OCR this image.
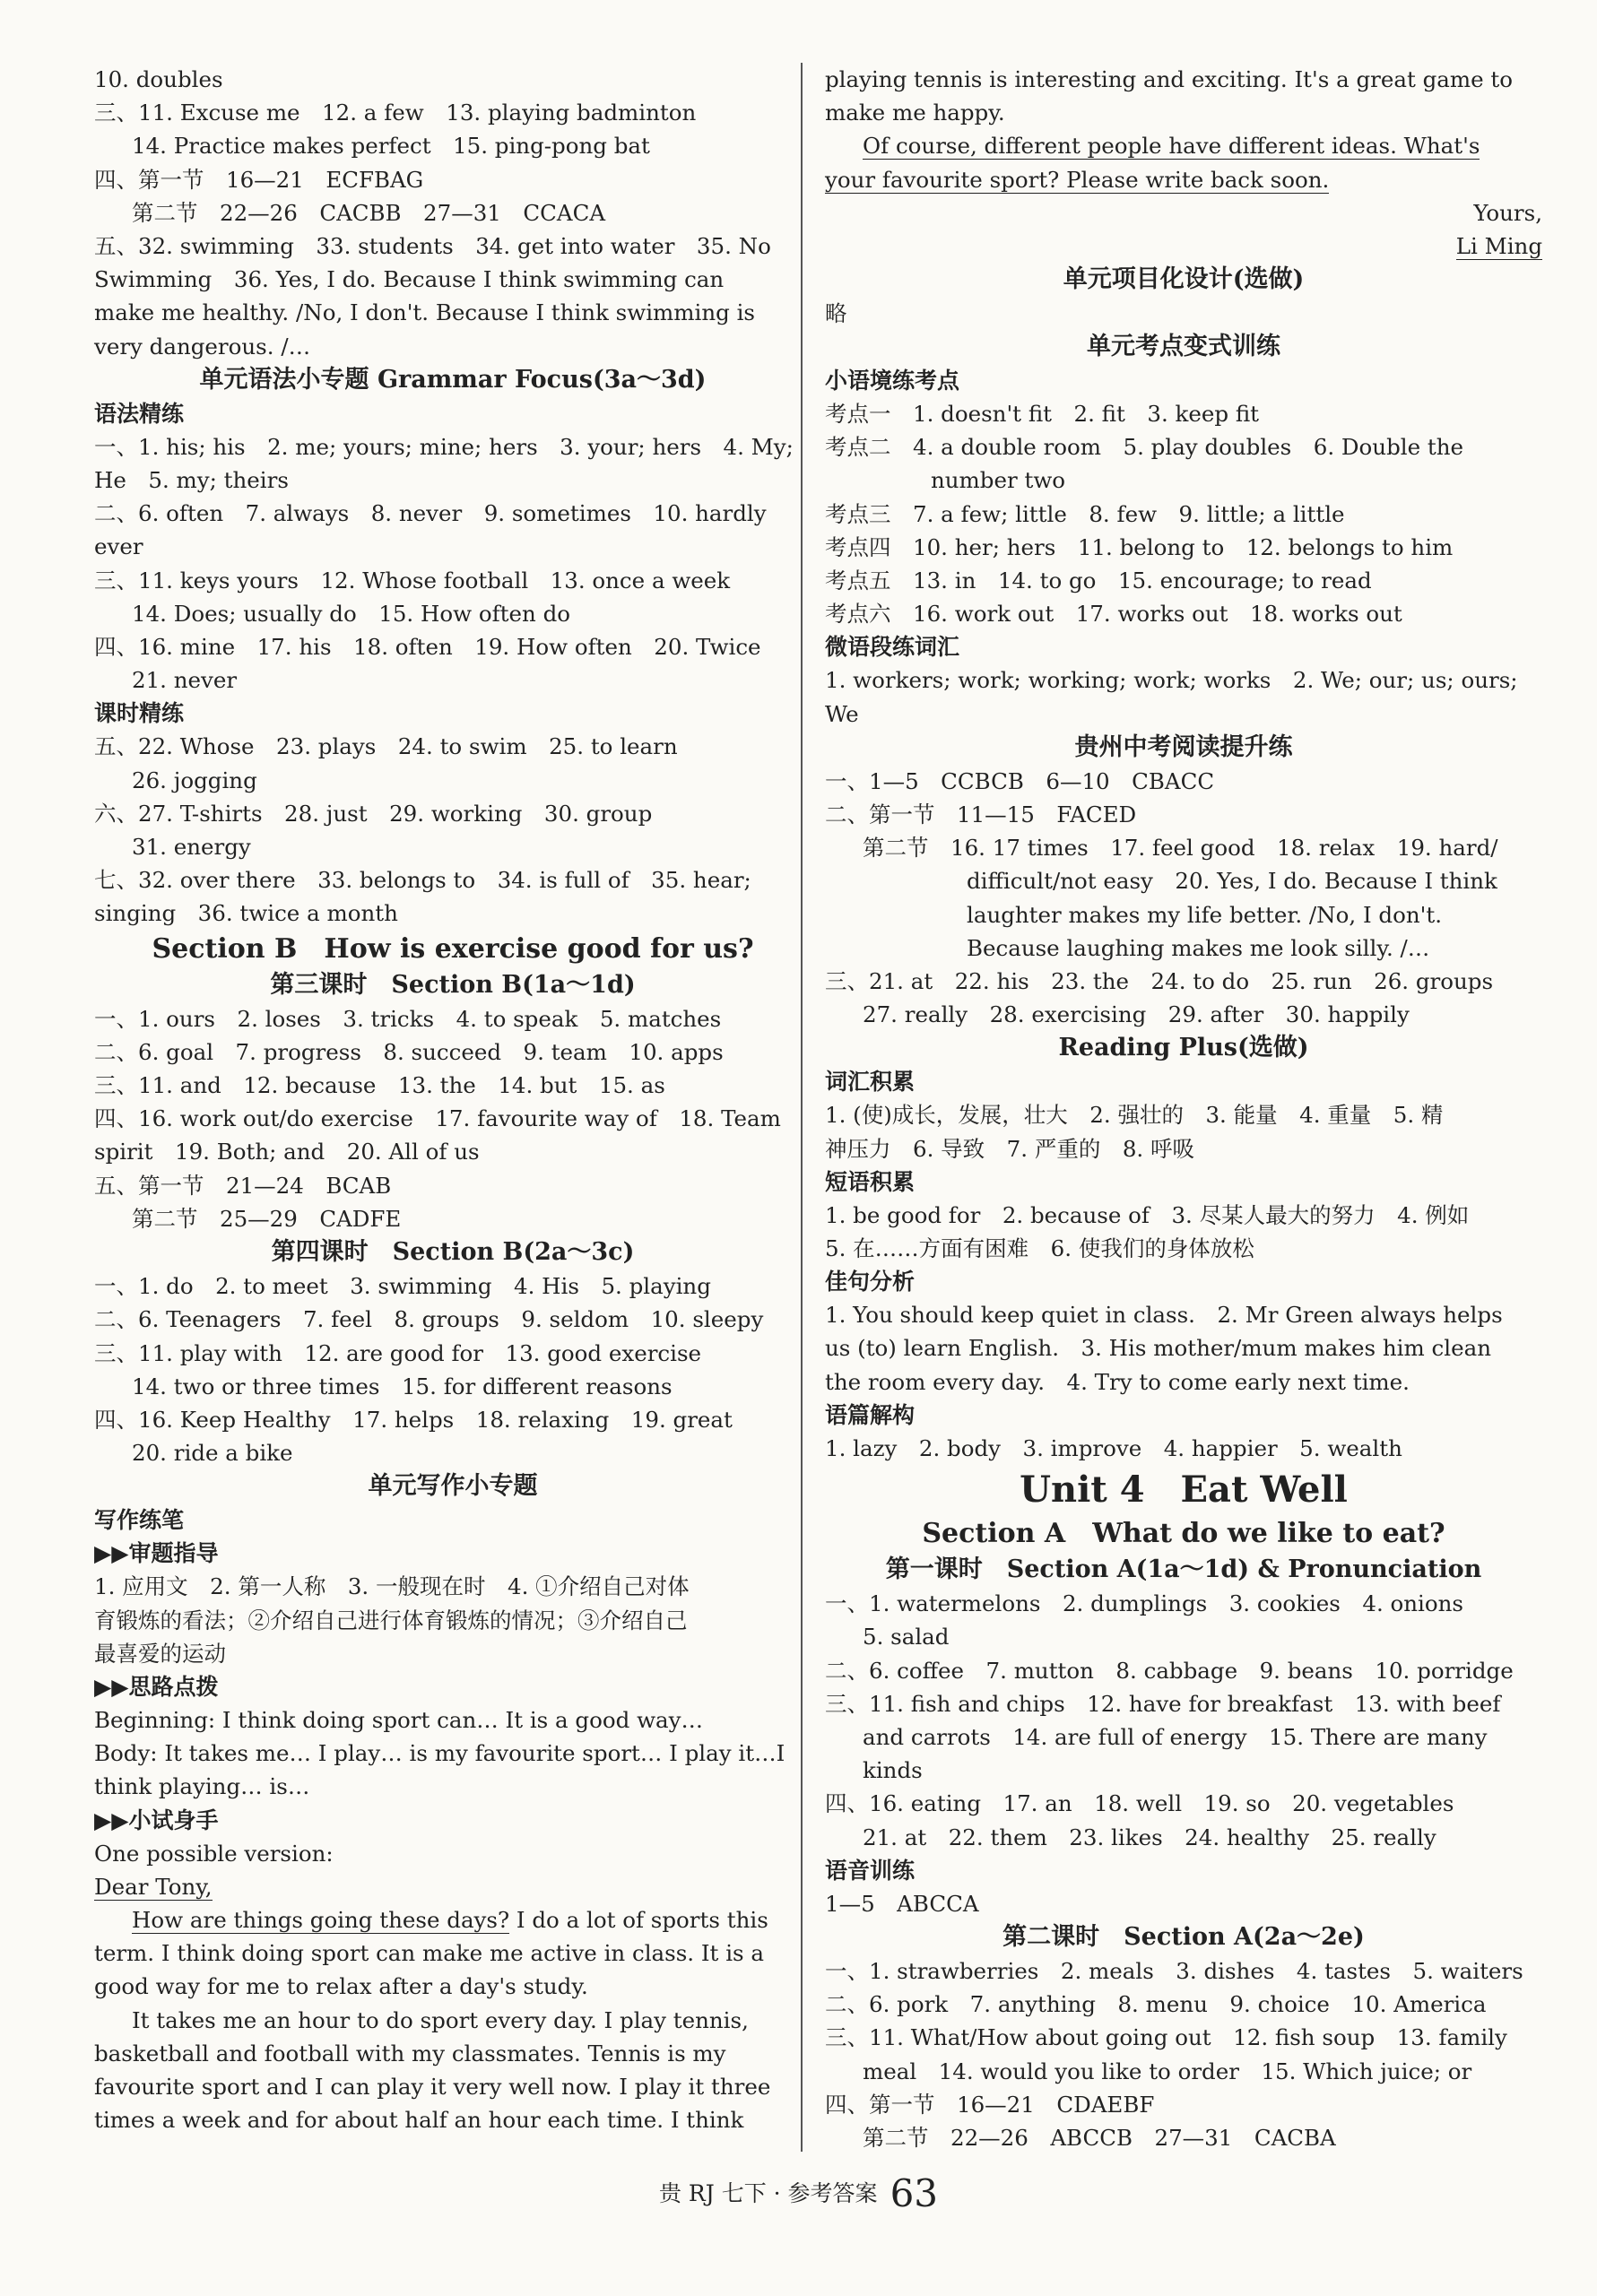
10. doubles
三、11. Excuse me　12. a few　13. playing badminton
14. Practice makes perfect　15. ping-pong bat
四、第一节　16—21　ECFBAG
第二节　22—26　CACBB　27—31　CCACA
五、32. swimming　33. students　34. get into water　35. No
Swimming　36. Yes, I do. Because I think swimming can
make me healthy. /No, I don't. Because I think swimming is
very dangerous. /…
单元语法小专题 Grammar Focus(3a～3d)
语法精练
一、1. his; his　2. me; yours; mine; hers　3. your; hers　4. My;
He　5. my; theirs
二、6. often　7. always　8. never　9. sometimes　10. hardly
ever
三、11. keys yours　12. Whose football　13. once a week
14. Does; usually do　15. How often do
四、16. mine　17. his　18. often　19. How often　20. Twice
21. never
课时精练
五、22. Whose　23. plays　24. to swim　25. to learn
26. jogging
六、27. T-shirts　28. just　29. working　30. group
31. energy
七、32. over there　33. belongs to　34. is full of　35. hear;
singing　36. twice a month
Section B　How is exercise good for us?
第三课时　Section B(1a～1d)
一、1. ours　2. loses　3. tricks　4. to speak　5. matches
二、6. goal　7. progress　8. succeed　9. team　10. apps
三、11. and　12. because　13. the　14. but　15. as
四、16. work out/do exercise　17. favourite way of　18. Team
spirit　19. Both; and　20. All of us
五、第一节　21—24　BCAB
第二节　25—29　CADFE
第四课时　Section B(2a～3c)
一、1. do　2. to meet　3. swimming　4. His　5. playing
二、6. Teenagers　7. feel　8. groups　9. seldom　10. sleepy
三、11. play with　12. are good for　13. good exercise
14. two or three times　15. for different reasons
四、16. Keep Healthy　17. helps　18. relaxing　19. great
20. ride a bike
单元写作小专题
写作练笔
▶▶审题指导
1. 应用文　2. 第一人称　3. 一般现在时　4. ①介绍自己对体
育锻炼的看法；②介绍自己进行体育锻炼的情况；③介绍自己
最喜爱的运动
▶▶思路点拨
Beginning: I think doing sport can… It is a good way…
Body: It takes me… I play… is my favourite sport… I play it…I
think playing… is…
▶▶小试身手
One possible version:
Dear Tony,
How are things going these days? I do a lot of sports this
term. I think doing sport can make me active in class. It is a
good way for me to relax after a day's study.
It takes me an hour to do sport every day. I play tennis,
basketball and football with my classmates. Tennis is my
favourite sport and I can play it very well now. I play it three
times a week and for about half an hour each time. I think
playing tennis is interesting and exciting. It's a great game to
make me happy.
Of course, different people have different ideas. What's
your favourite sport? Please write back soon.
Yours,
Li Ming
单元项目化设计(选做)
略
单元考点变式训练
小语境练考点
考点一　1. doesn't fit　2. fit　3. keep fit
考点二　4. a double room　5. play doubles　6. Double the
number two
考点三　7. a few; little　8. few　9. little; a little
考点四　10. her; hers　11. belong to　12. belongs to him
考点五　13. in　14. to go　15. encourage; to read
考点六　16. work out　17. works out　18. works out
微语段练词汇
1. workers; work; working; work; works　2. We; our; us; ours;
We
贵州中考阅读提升练
一、1—5　CCBCB　6—10　CBACC
二、第一节　11—15　FACED
第二节　16. 17 times　17. feel good　18. relax　19. hard/
difficult/not easy　20. Yes, I do. Because I think
laughter makes my life better. /No, I don't.
Because laughing makes me look silly. /…
三、21. at　22. his　23. the　24. to do　25. run　26. groups
27. really　28. exercising　29. after　30. happily
Reading Plus(选做)
词汇积累
1. (使)成长，发展，壮大　2. 强壮的　3. 能量　4. 重量　5. 精
神压力　6. 导致　7. 严重的　8. 呼吸
短语积累
1. be good for　2. because of　3. 尽某人最大的努力　4. 例如
5. 在……方面有困难　6. 使我们的身体放松
佳句分析
1. You should keep quiet in class.　2. Mr Green always helps
us (to) learn English.　3. His mother/mum makes him clean
the room every day.　4. Try to come early next time.
语篇解构
1. lazy　2. body　3. improve　4. happier　5. wealth
Unit 4　Eat Well
Section A　What do we like to eat?
第一课时　Section A(1a～1d) & Pronunciation
一、1. watermelons　2. dumplings　3. cookies　4. onions
5. salad
二、6. coffee　7. mutton　8. cabbage　9. beans　10. porridge
三、11. fish and chips　12. have for breakfast　13. with beef
and carrots　14. are full of energy　15. There are many
kinds
四、16. eating　17. an　18. well　19. so　20. vegetables
21. at　22. them　23. likes　24. healthy　25. really
语音训练
1—5　ABCCA
第二课时　Section A(2a～2e)
一、1. strawberries　2. meals　3. dishes　4. tastes　5. waiters
二、6. pork　7. anything　8. menu　9. choice　10. America
三、11. What/How about going out　12. fish soup　13. family
meal　14. would you like to order　15. Which juice; or
四、第一节　16—21　CDAEBF
第二节　22—26　ABCCB　27—31　CACBA
贵 RJ 七下 · 参考答案 63
